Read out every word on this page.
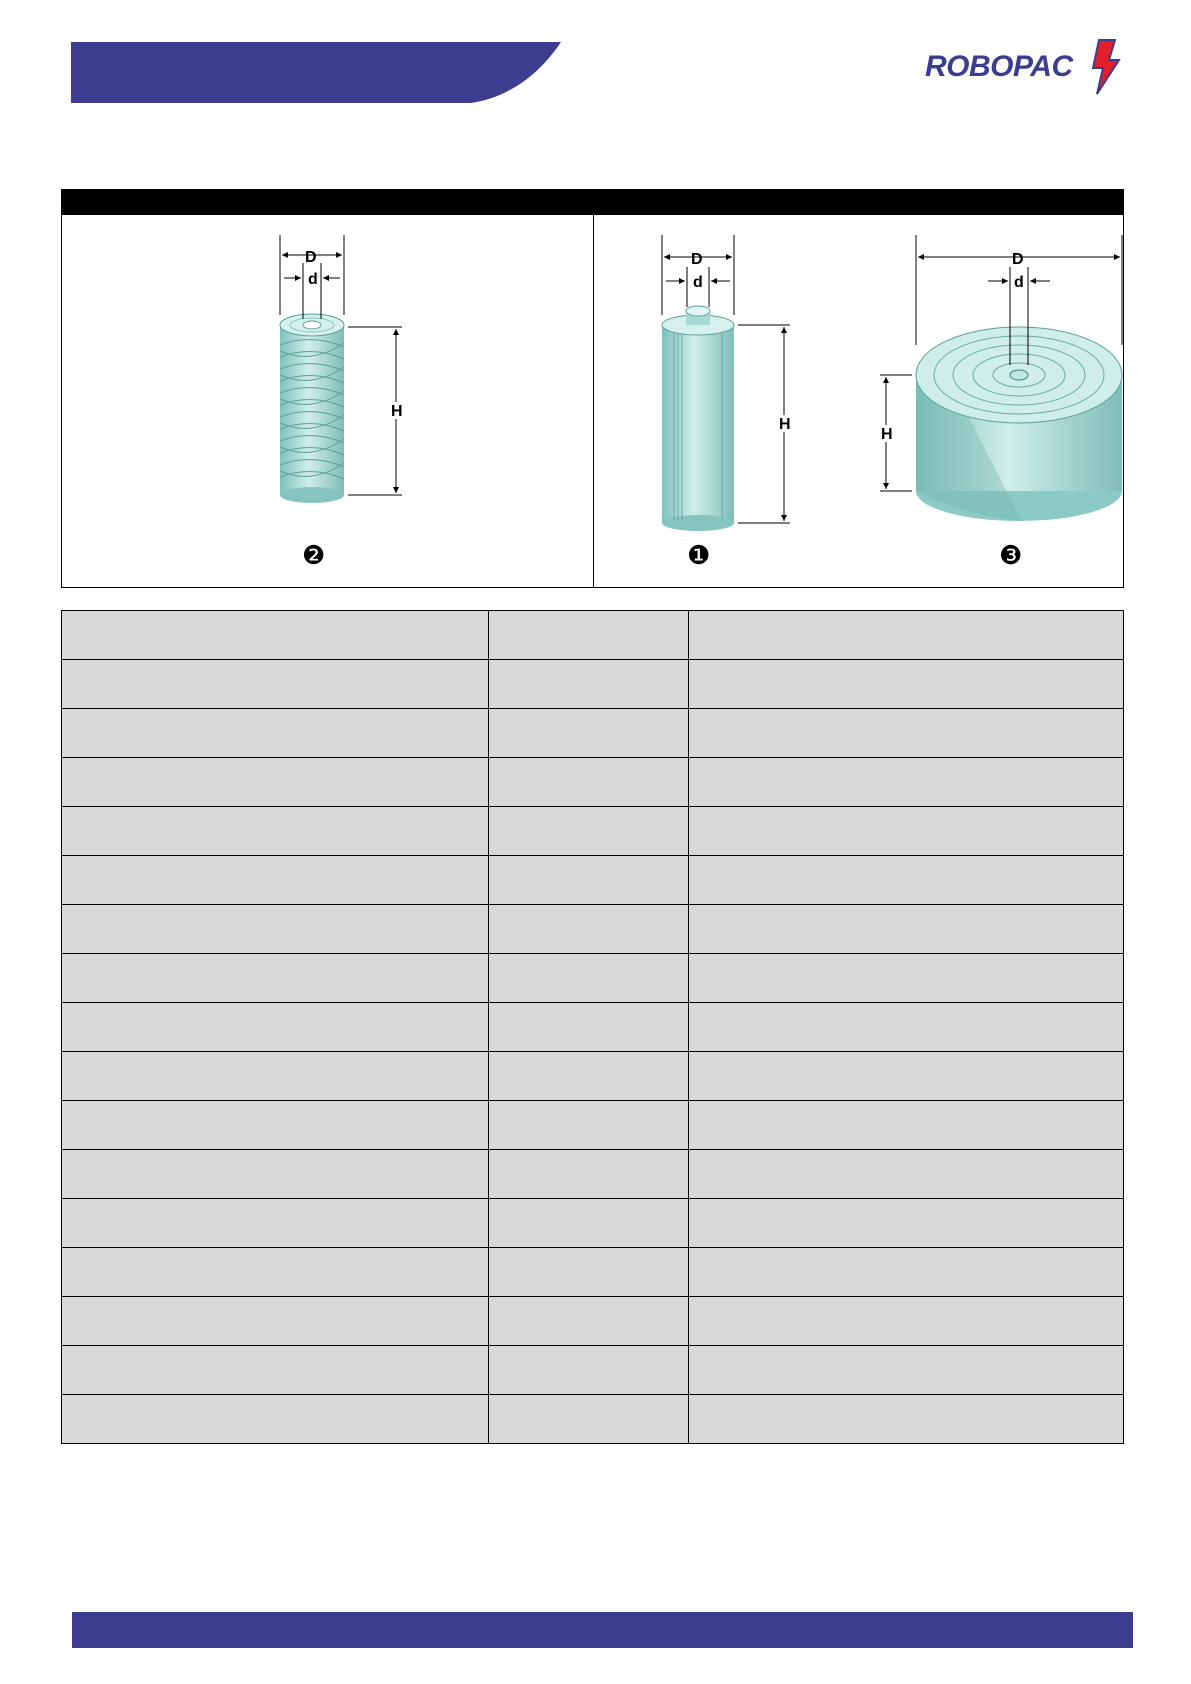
ROBOPAC
D
d
H
❷
D
d
H
❶
D
d
H
❸
